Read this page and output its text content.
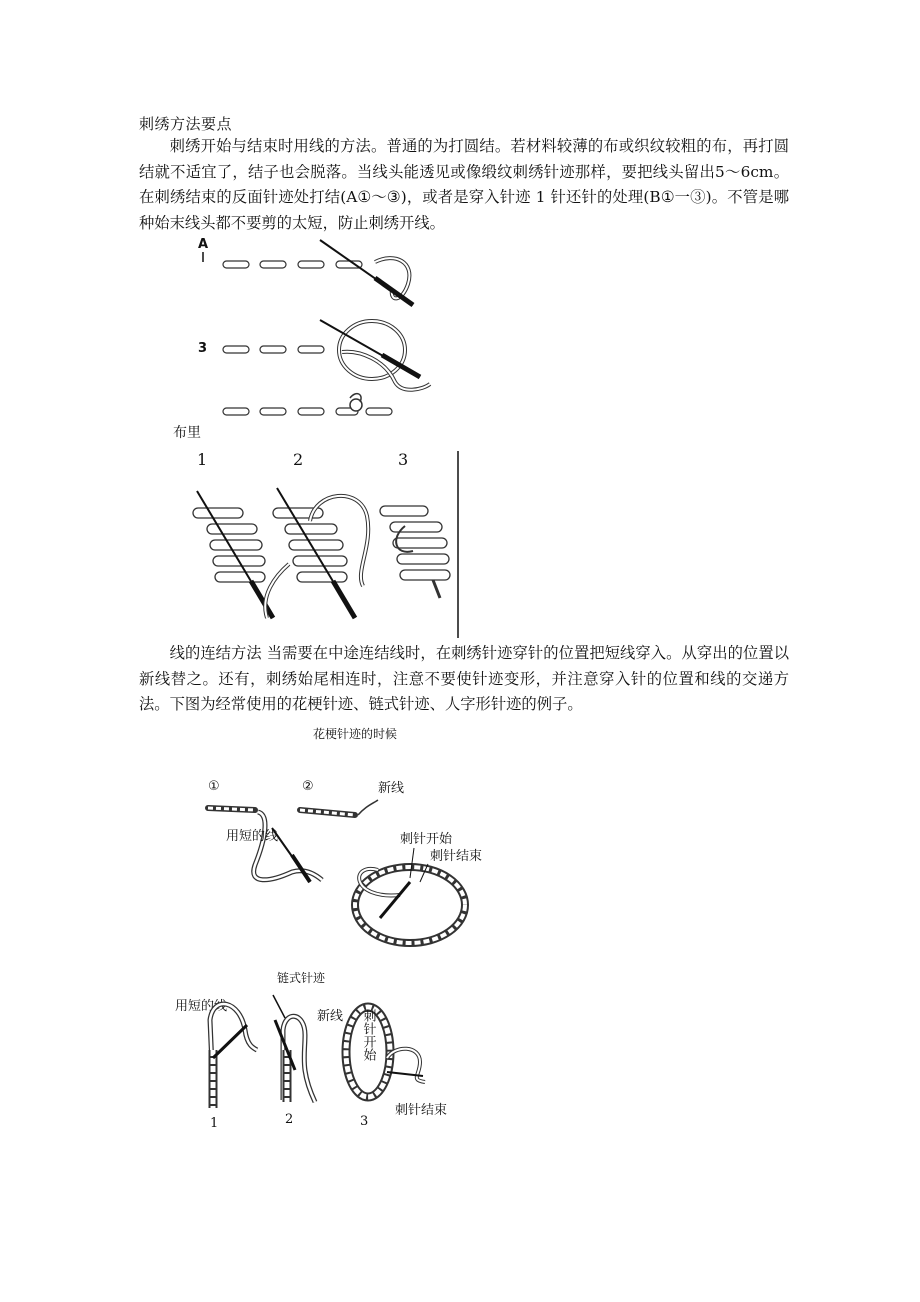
刺绣方法要点

刺绣开始与结束时用线的方法。普通的为打圆结。若材料较薄的布或织纹较粗的布，再打圆结就不适宜了，结子也会脱落。当线头能透见或像缎纹刺绣针迹那样，要把线头留出5～6cm。在刺绣结束的反面针迹处打结(A①～③)，或者是穿入针迹 1 针还针的处理(B①一③)。不管是哪种始末线头都不要剪的太短，防止刺绣开线。

A
3
布里
1	2	3

线的连结方法 当需要在中途连结线时，在刺绣针迹穿针的位置把短线穿入。从穿出的位置以新线替之。还有，刺绣始尾相连时，注意不要使针迹变形，并注意穿入针的位置和线的交递方法。下图为经常使用的花梗针迹、链式针迹、人字形针迹的例子。

花梗针迹的时候
①	②	新线
用短的线	刺针开始
刺针结束
链式针迹
用短的线
新线
1	2
刺针开始
3
刺针结束
